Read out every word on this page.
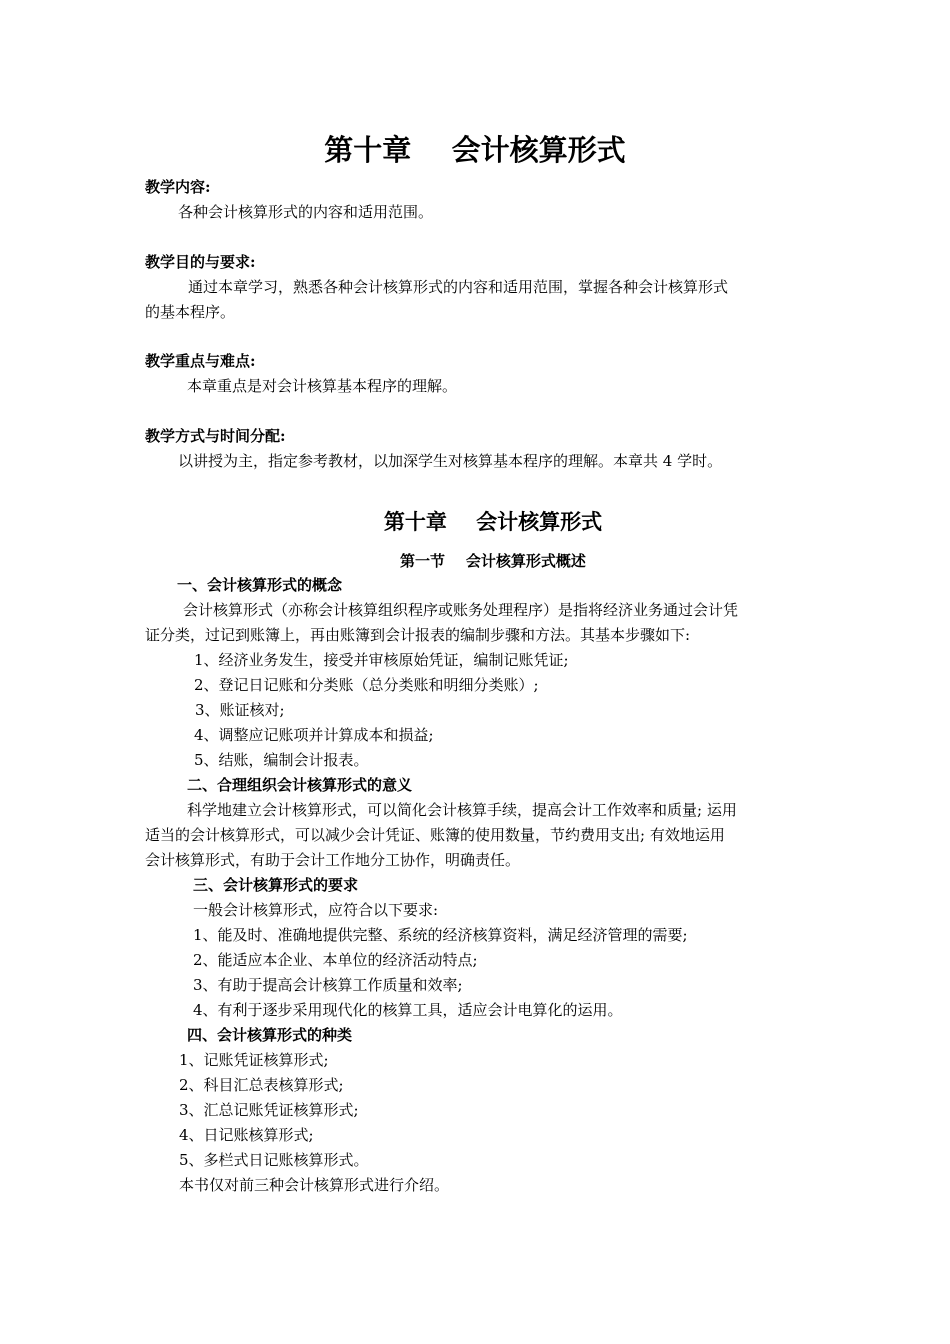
第十章    会计核算形式
教学内容:
各种会计核算形式的内容和适用范围。
教学目的与要求:
通过本章学习，熟悉各种会计核算形式的内容和适用范围，掌握各种会计核算形式
的基本程序。
教学重点与难点:
本章重点是对会计核算基本程序的理解。
教学方式与时间分配:
以讲授为主，指定参考教材，以加深学生对核算基本程序的理解。本章共 4 学时。
第十章    会计核算形式
第一节    会计核算形式概述
一、会计核算形式的概念
会计核算形式（亦称会计核算组织程序或账务处理程序）是指将经济业务通过会计凭
证分类，过记到账簿上，再由账簿到会计报表的编制步骤和方法。其基本步骤如下:
1、经济业务发生，接受并审核原始凭证，编制记账凭证;
2、登记日记账和分类账（总分类账和明细分类账）;
3、账证核对;
4、调整应记账项并计算成本和损益;
5、结账，编制会计报表。
二、合理组织会计核算形式的意义
科学地建立会计核算形式，可以简化会计核算手续，提高会计工作效率和质量; 运用
适当的会计核算形式，可以减少会计凭证、账簿的使用数量，节约费用支出; 有效地运用
会计核算形式，有助于会计工作地分工协作，明确责任。
三、会计核算形式的要求
一般会计核算形式，应符合以下要求:
1、能及时、准确地提供完整、系统的经济核算资料，满足经济管理的需要;
2、能适应本企业、本单位的经济活动特点;
3、有助于提高会计核算工作质量和效率;
4、有利于逐步采用现代化的核算工具，适应会计电算化的运用。
四、会计核算形式的种类
1、记账凭证核算形式;
2、科目汇总表核算形式;
3、汇总记账凭证核算形式;
4、日记账核算形式;
5、多栏式日记账核算形式。
本书仅对前三种会计核算形式进行介绍。
